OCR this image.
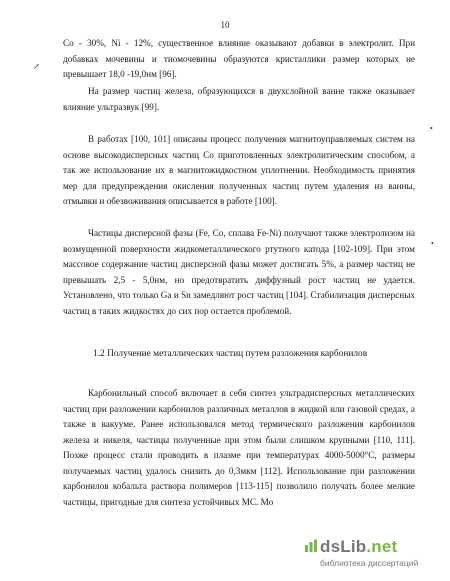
10
↗
•
•

Co - 30%, Ni - 12%, существенное влияние оказывают добавки в электролит. При добавках мочевины и тиомочевины образуются кристаллики размер которых не превышает 18,0 -19,0нм [96].

На размер частиц железа, образующихся в двухслойной ванне также оказывает влияние ультразвук [99].

В работах [100, 101] описаны процесс получения магнитоуправляемых систем на основе высокодисперсных частиц Co приготовленных электролитическим способом, а так же использование их в магнитожидкостном уплотнении. Необходимость принятия мер для предупреждения окисления полученных частиц путем удаления из ванны, отмывки и обезвоживания описывается в работе [100].

Частицы дисперсной фазы (Fe, Co, сплава Fe-Ni) получают также электролизом на возмущенной поверхности жидкометаллического ртутного катода [102-109]. При этом массовое содержание частиц дисперсной фазы может достигать 5%, а размер частиц не превышать 2,5 - 5,0нм, но предотвратить диффузный рост частиц не удается. Установлено, что только Ga и Sn замедляют рост частиц [104]. Стабилизация дисперсных частиц в таких жидкостях до сих пор остается проблемой.

1.2 Получение металлических частиц путем разложения карбонилов

Карбонильный способ включает в себя синтез ультрадисперсных металлических частиц при разложении карбонилов различных металлов в жидкой или газовой средах, а также в вакууме. Ранее использовался метод термического разложения карбонилов железа и никеля, частицы полученные при этом были слишком крупными [110, 111]. Позже процесс стали проводить в плазме при температурах 4000-5000°С, размеры получаемых частиц удалось снизить до 0,3мкм [112]. Использование при разложении карбонилов кобальта раствора полимеров [113-115] позволило получать более мелкие частицы, пригодные для синтеза устойчивых МС. Мо

dsLib.net
библиотека диссертаций
